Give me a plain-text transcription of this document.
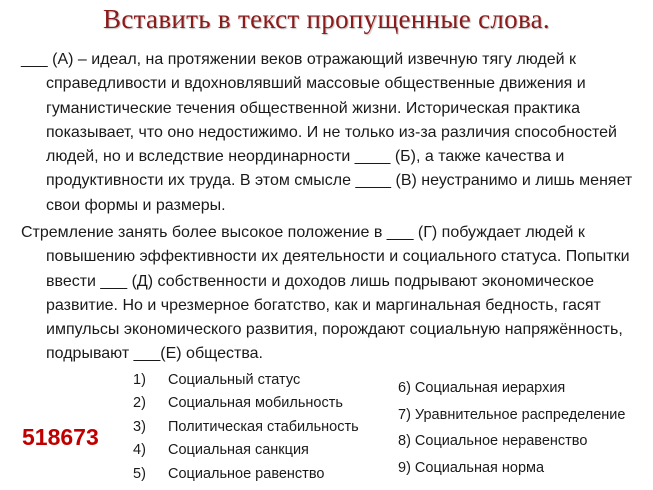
Вставить в текст пропущенные слова.

___ (А) – идеал, на протяжении веков отражающий извечную тягу людей к справедливости и вдохновлявший массовые общественные движения и гуманистические течения общественной жизни. Историческая практика показывает, что оно недостижимо. И не только из-за различия способностей людей, но и вследствие неординарности ____ (Б), а также качества и продуктивности их труда. В этом смысле ____ (В) неустранимо и лишь меняет свои формы и размеры.

Стремление занять более высокое положение в ___ (Г) побуждает людей к повышению эффективности их деятельности и социального статуса. Попытки ввести ___ (Д) собственности и доходов лишь подрывают экономическое развитие. Но и чрезмерное богатство, как и маргинальная бедность, гасят импульсы экономического развития, порождают социальную напряжённость, подрывают ___(Е) общества.

518673
1) Социальный статус
2) Социальная мобильность
3) Политическая стабильность
4) Социальная санкция
5) Социальное равенство
6) Социальная иерархия
7) Уравнительное распределение
8) Социальное неравенство
9) Социальная норма
